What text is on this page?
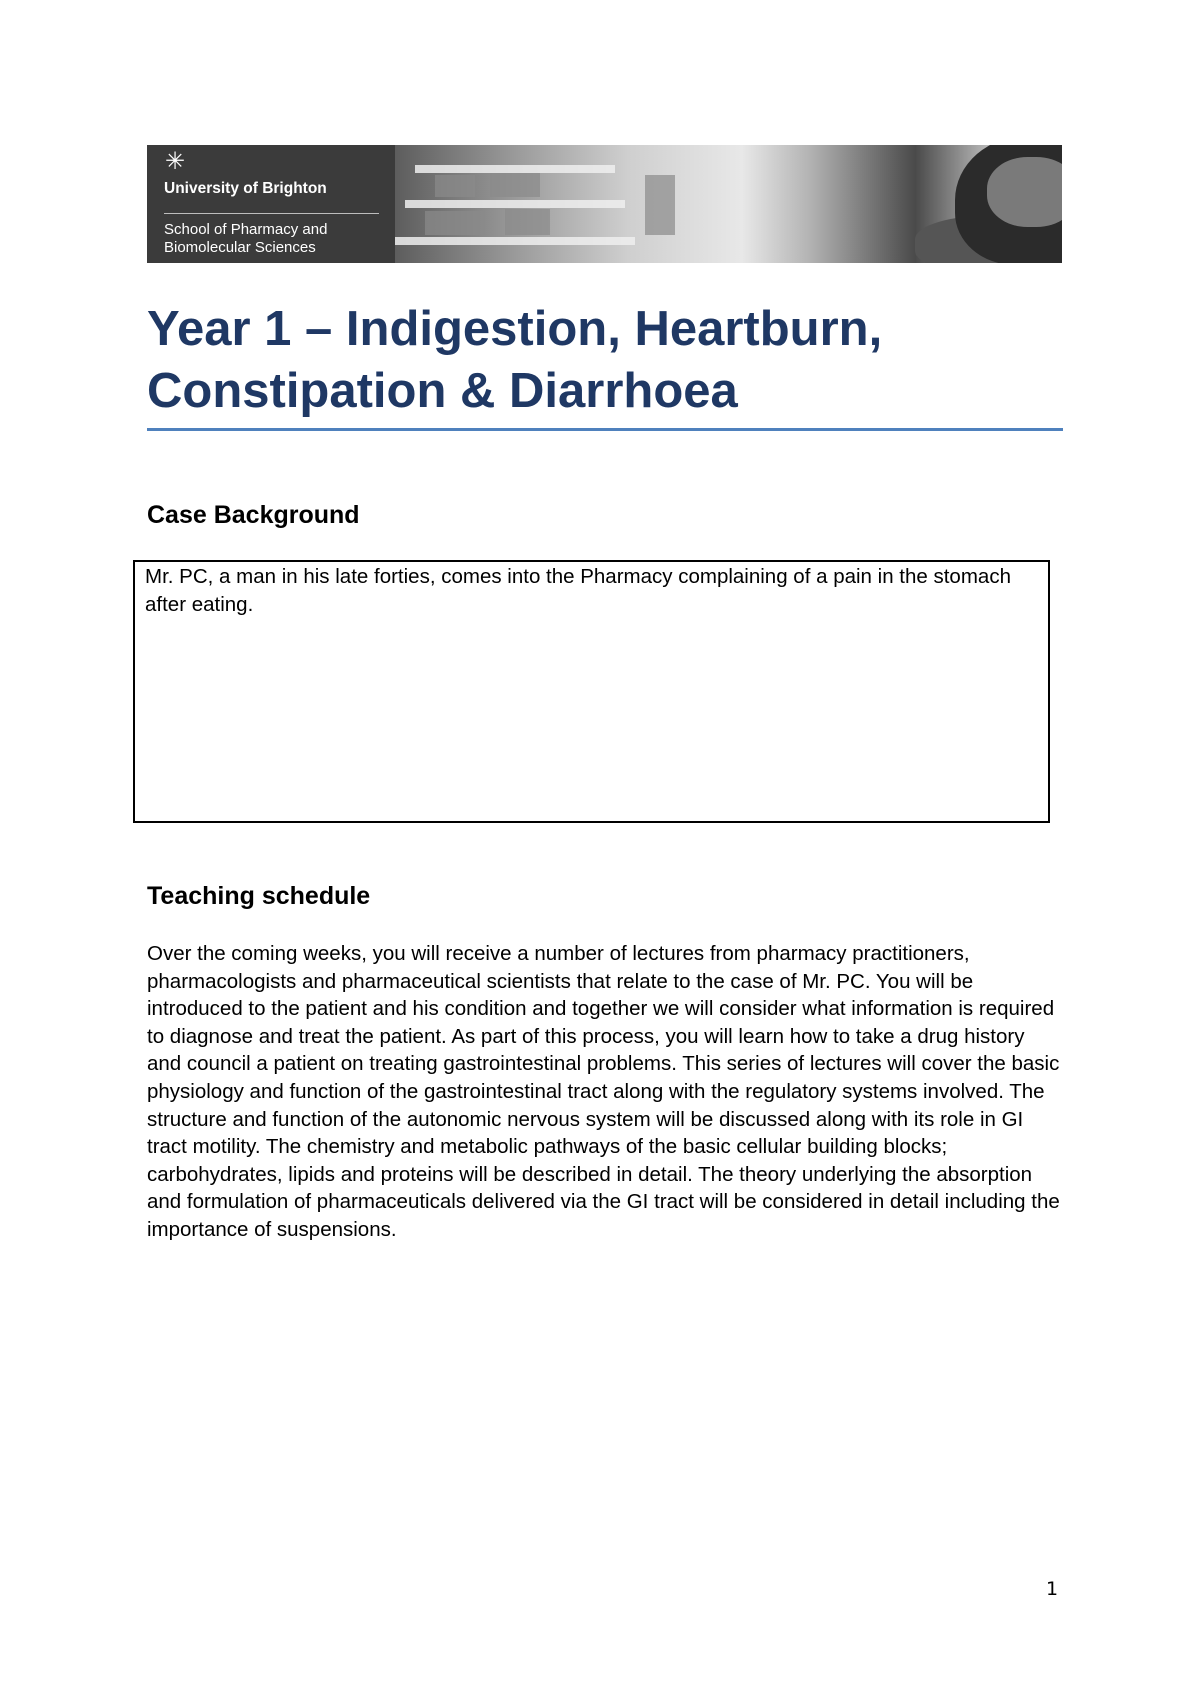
✳
University of Brighton
School of Pharmacy and
Biomolecular Sciences
Year 1 – Indigestion, Heartburn,
Constipation & Diarrhoea
Case Background

Mr. PC, a man in his late forties, comes into the Pharmacy complaining of a pain in the stomach after eating.

Teaching schedule

Over the coming weeks, you will receive a number of lectures from pharmacy practitioners, pharmacologists and pharmaceutical scientists that relate to the case of Mr. PC. You will be introduced to the patient and his condition and together we will consider what information is required to diagnose and treat the patient. As part of this process, you will learn how to take a drug history and council a patient on treating gastrointestinal problems. This series of lectures will cover the basic physiology and function of the gastrointestinal tract along with the regulatory systems involved. The structure and function of the autonomic nervous system will be discussed along with its role in GI tract motility. The chemistry and metabolic pathways of the basic cellular building blocks; carbohydrates, lipids and proteins will be described in detail. The theory underlying the absorption and formulation of pharmaceuticals delivered via the GI tract will be considered in detail including the importance of suspensions.

1
